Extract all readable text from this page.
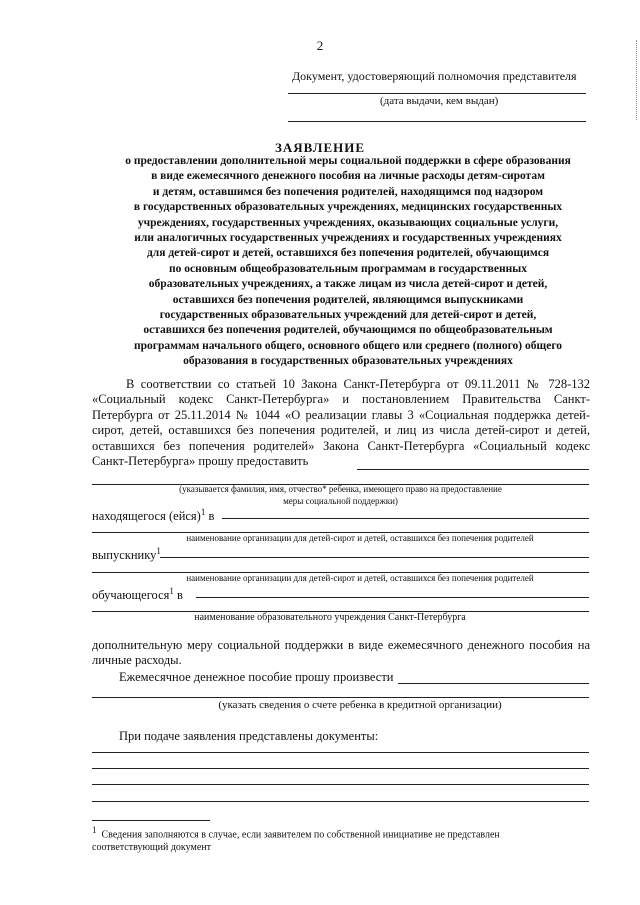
2
Документ, удостоверяющий полномочия представителя
(дата выдачи, кем выдан)
ЗАЯВЛЕНИЕ
о предоставлении дополнительной меры социальной поддержки в сфере образования
в виде ежемесячного денежного пособия на личные расходы детям-сиротам
и детям, оставшимся без попечения родителей, находящимся под надзором
в государственных образовательных учреждениях, медицинских государственных
учреждениях, государственных учреждениях, оказывающих социальные услуги,
или аналогичных государственных учреждениях и государственных учреждениях
для детей-сирот и детей, оставшихся без попечения родителей, обучающимся
по основным общеобразовательным программам в государственных
образовательных учреждениях, а также лицам из числа детей-сирот и детей,
оставшихся без попечения родителей, являющимся выпускниками
государственных образовательных учреждений для детей-сирот и детей,
оставшихся без попечения родителей, обучающимся по общеобразовательным
программам начального общего, основного общего или среднего (полного) общего
образования в государственных образовательных учреждениях
В соответствии со статьей 10 Закона Санкт-Петербурга от 09.11.2011 № 728-132 «Социальный кодекс Санкт-Петербурга» и постановлением Правительства Санкт-Петербурга от 25.11.2014 № 1044 «О реализации главы 3 «Социальная поддержка детей-сирот, детей, оставшихся без попечения родителей, и лиц из числа детей-сирот и детей, оставшихся без попечения родителей» Закона Санкт-Петербурга «Социальный кодекс Санкт-Петербурга» прошу предоставить
(указывается фамилия, имя, отчество* ребенка, имеющего право на предоставление
меры социальной поддержки)
находящегося (ейся)$^1$ в
наименование организации для детей-сирот и детей, оставшихся без попечения родителей
выпускнику$^1$
наименование организации для детей-сирот и детей, оставшихся без попечения родителей
обучающегося$^1$ в
наименование образовательного учреждения Санкт-Петербурга
дополнительную меру социальной поддержки в виде ежемесячного денежного пособия на личные расходы.
Ежемесячное денежное пособие прошу произвести
(указать сведения о счете ребенка в кредитной организации)
При подаче заявления представлены документы:
$^1$ Сведения заполняются в случае, если заявителем по собственной инициативе не представлен
соответствующий документ
